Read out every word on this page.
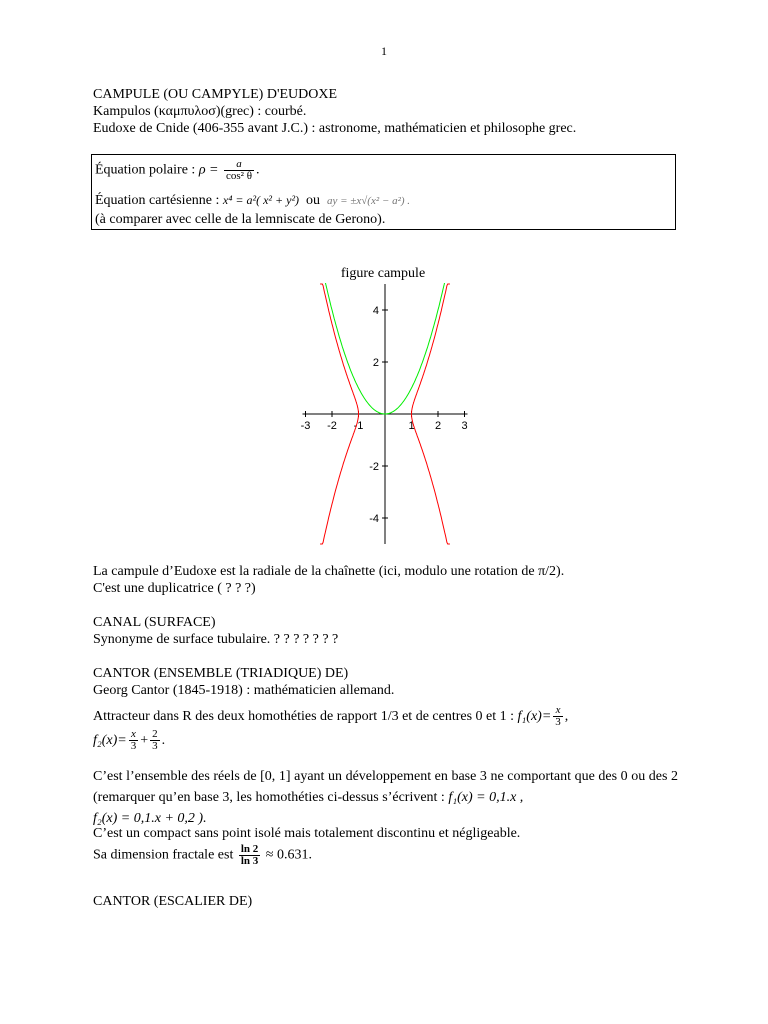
1
CAMPULE (OU CAMPYLE) D'EUDOXE
Kampulos (καμπυλοσ)(grec) : courbé.
Eudoxe de Cnide (406-355 avant J.C.) : astronome, mathématicien et philosophe grec.
Équation polaire : $\rho = \frac{a}{\text{cos² θ}}$ .
Équation cartésienne : x⁴ = a²( x² + y²) ou ay = ±x√(x² − a²) .
(à comparer avec celle de la lemniscate de Gerono).
figure campule
-3 -2 -1	1 2 3
4
2
-2
-4
La campule d’Eudoxe est la radiale de la chaînette (ici, modulo une rotation de π/2).
C'est une duplicatrice ( ? ? ?)
CANAL (SURFACE)
Synonyme de surface tubulaire. ? ? ? ? ? ? ?
CANTOR (ENSEMBLE (TRIADIQUE) DE)
Georg Cantor (1845-1918) : mathématicien allemand.
Attracteur dans R des deux homothéties de rapport 1/3 et de centres 0 et 1 : $f_1(x)= \frac{x}{3}$ ,
$f_2(x)= \frac{x}{3} + \frac{2}{3}$ .
C’est l’ensemble des réels de [0, 1] ayant un développement en base 3 ne comportant que des 0 ou des 2 (remarquer qu’en base 3, les homothéties ci-dessus s’écrivent : f₁(x) = 0,1.x ,
f₂(x) = 0,1.x + 0,2 ).
C’est un compact sans point isolé mais totalement discontinu et négligeable.
Sa dimension fractale est $\frac{\ln 2}{\ln 3} \approx 0.631$.
CANTOR (ESCALIER DE)
